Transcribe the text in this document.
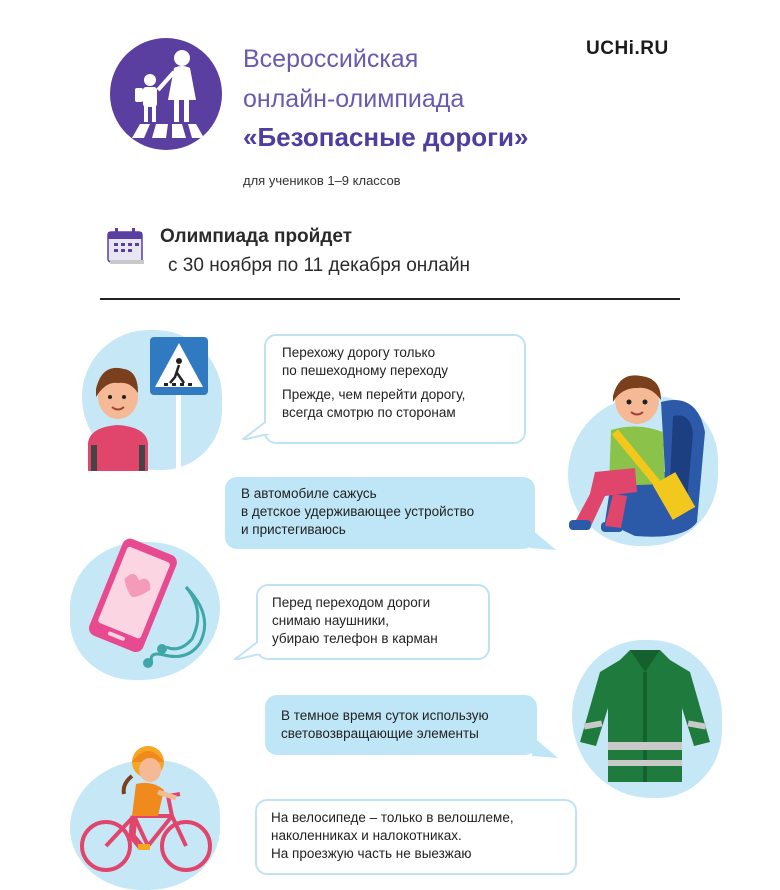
Всероссийская
онлайн-олимпиада
«Безопасные дороги»
UCHi.RU
для учеников 1–9 классов
Олимпиада пройдет
с 30 ноября по 11 декабря онлайн

Перехожу дорогу только

по пешеходному переходу

Прежде, чем перейти дорогу,

всегда смотрю по сторонам

В автомобиле сажусь

в детское удерживающее устройство

и пристегиваюсь

Перед переходом дороги

снимаю наушники,

убираю телефон в карман

В темное время суток использую

световозвращающие элементы

На велосипеде – только в велошлеме,

наколенниках и налокотниках.

На проезжую часть не выезжаю
